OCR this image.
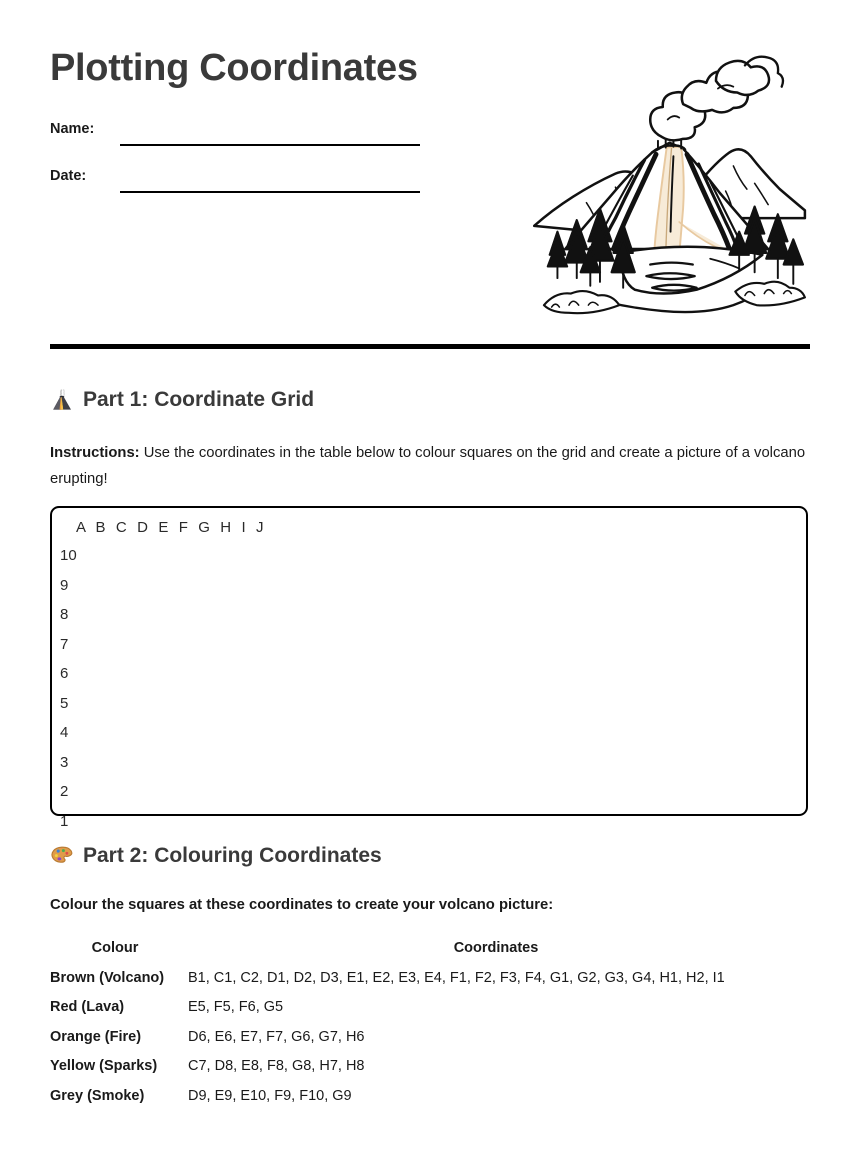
Plotting Coordinates
Name:
Date:
Part 1: Coordinate Grid
Instructions: Use the coordinates in the table below to colour squares on the grid and create a picture of a volcano erupting!
A B C D E F G H I J
10
9
8
7
6
5
4
3
2
1
Part 2: Colouring Coordinates
Colour the squares at these coordinates to create your volcano picture:
Colour	Coordinates
Brown (Volcano)	B1, C1, C2, D1, D2, D3, E1, E2, E3, E4, F1, F2, F3, F4, G1, G2, G3, G4, H1, H2, I1
Red (Lava)	E5, F5, F6, G5
Orange (Fire)	D6, E6, E7, F7, G6, G7, H6
Yellow (Sparks)	C7, D8, E8, F8, G8, H7, H8
Grey (Smoke)	D9, E9, E10, F9, F10, G9
